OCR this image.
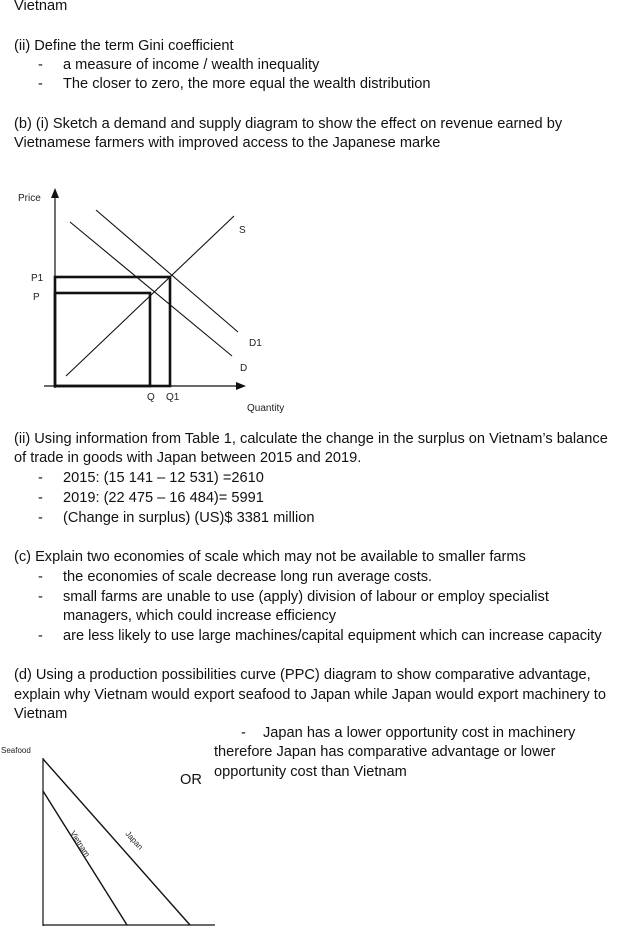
Vietnam
(ii) Define the term Gini coefficient
- a measure of income / wealth inequality
- The closer to zero, the more equal the wealth distribution
(b) (i) Sketch a demand and supply diagram to show the effect on revenue earned by
Vietnamese farmers with improved access to the Japanese marke
Price
Quantity
S
D
D1
P1
P
Q Q1
(ii) Using information from Table 1, calculate the change in the surplus on Vietnam’s balance
of trade in goods with Japan between 2015 and 2019.
- 2015: (15 141 – 12 531) =2610
- 2019: (22 475 – 16 484)= 5991
- (Change in surplus) (US)$ 3381 million
(c) Explain two economies of scale which may not be available to smaller farms
- the economies of scale decrease long run average costs.
- small farms are unable to use (apply) division of labour or employ specialist
managers, which could increase efficiency
- are less likely to use large machines/capital equipment which can increase capacity
(d) Using a production possibilities curve (PPC) diagram to show comparative advantage,
explain why Vietnam would export seafood to Japan while Japan would export machinery to
Vietnam
Seafood
Vietnam	Japan
OR
- Japan has a lower opportunity cost in machinery
therefore Japan has comparative advantage or lower
opportunity cost than Vietnam
